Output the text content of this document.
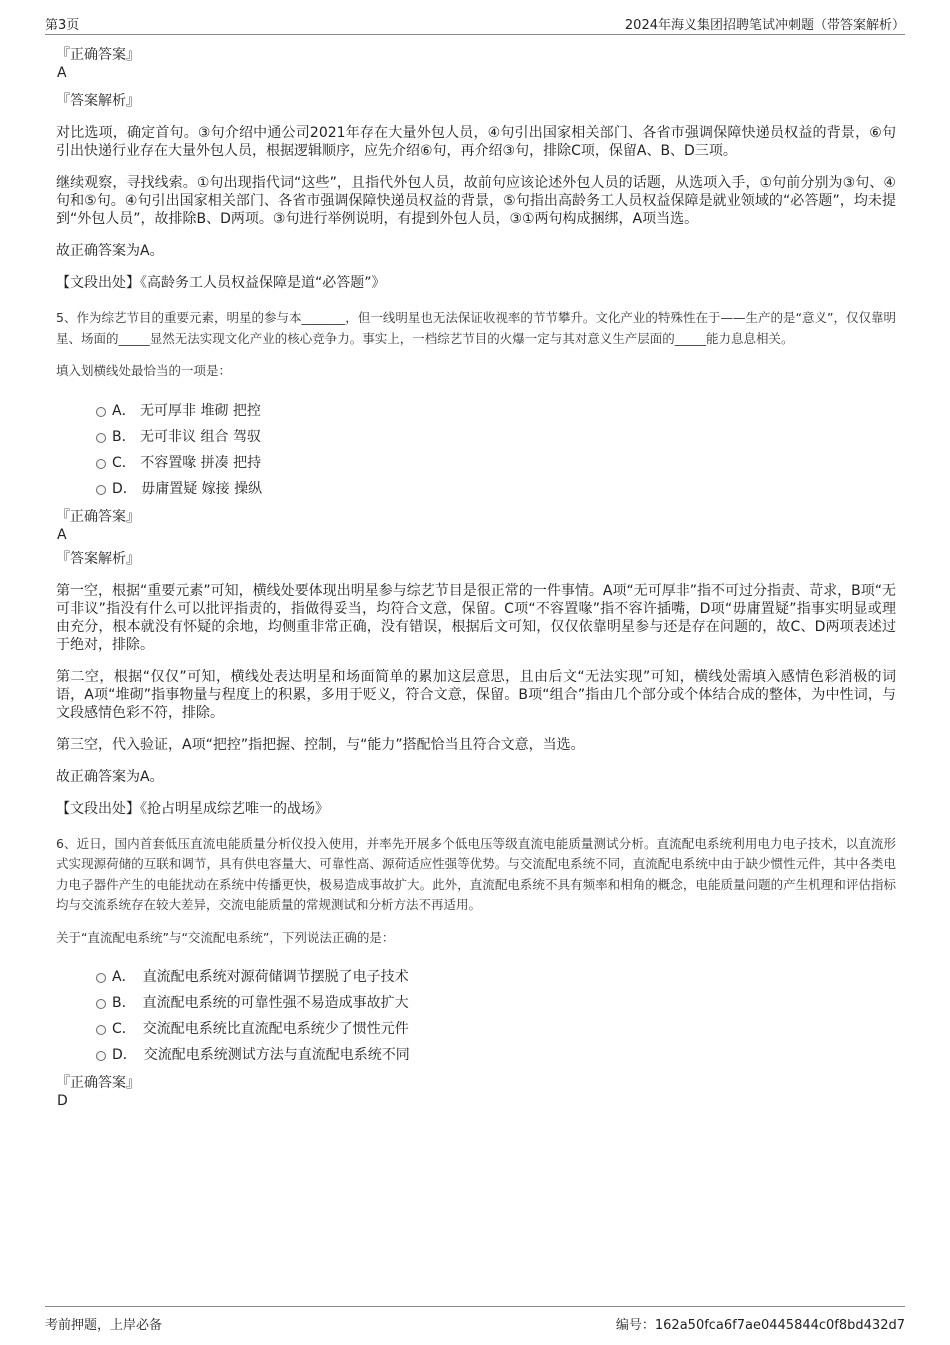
第3页	2024年海义集团招聘笔试冲刺题（带答案解析）
『正确答案』
A
『答案解析』

对比选项，确定首句。③句介绍中通公司2021年存在大量外包人员，④句引出国家相关部门、各省市强调保障快递员权益的背景，⑥句引出快递行业存在大量外包人员，根据逻辑顺序，应先介绍⑥句，再介绍③句，排除C项，保留A、B、D三项。

继续观察，寻找线索。①句出现指代词“这些”，且指代外包人员，故前句应该论述外包人员的话题，从选项入手，①句前分别为③句、④句和⑤句。④句引出国家相关部门、各省市强调保障快递员权益的背景，⑤句指出高龄务工人员权益保障是就业领域的“必答题”，均未提到“外包人员”，故排除B、D两项。③句进行举例说明，有提到外包人员，③①两句构成捆绑，A项当选。

故正确答案为A。

【文段出处】《高龄务工人员权益保障是道“必答题”》

5、作为综艺节目的重要元素，明星的参与本_______，但一线明星也无法保证收视率的节节攀升。文化产业的特殊性在于——生产的是“意义”，仅仅靠明星、场面的_____显然无法实现文化产业的核心竞争力。事实上，一档综艺节目的火爆一定与其对意义生产层面的_____能力息息相关。

填入划横线处最恰当的一项是：

A． 无可厚非 堆砌 把控
B． 无可非议 组合 驾驭
C． 不容置喙 拼凑 把持
D． 毋庸置疑 嫁接 操纵
『正确答案』
A
『答案解析』

第一空，根据“重要元素”可知，横线处要体现出明星参与综艺节目是很正常的一件事情。A项“无可厚非”指不可过分指责、苛求，B项“无可非议”指没有什么可以批评指责的，指做得妥当，均符合文意，保留。C项“不容置喙”指不容许插嘴，D项“毋庸置疑”指事实明显或理由充分，根本就没有怀疑的余地，均侧重非常正确，没有错误，根据后文可知，仅仅依靠明星参与还是存在问题的，故C、D两项表述过于绝对，排除。

第二空，根据“仅仅”可知，横线处表达明星和场面简单的累加这层意思，且由后文“无法实现”可知，横线处需填入感情色彩消极的词语，A项“堆砌”指事物量与程度上的积累，多用于贬义，符合文意，保留。B项“组合”指由几个部分或个体结合成的整体，为中性词，与文段感情色彩不符，排除。

第三空，代入验证，A项“把控”指把握、控制，与“能力”搭配恰当且符合文意，当选。

故正确答案为A。

【文段出处】《抢占明星成综艺唯一的战场》

6、近日，国内首套低压直流电能质量分析仪投入使用，并率先开展多个低电压等级直流电能质量测试分析。直流配电系统利用电力电子技术，以直流形式实现源荷储的互联和调节，具有供电容量大、可靠性高、源荷适应性强等优势。与交流配电系统不同，直流配电系统中由于缺少惯性元件，其中各类电力电子器件产生的电能扰动在系统中传播更快，极易造成事故扩大。此外，直流配电系统不具有频率和相角的概念，电能质量问题的产生机理和评估指标均与交流系统存在较大差异，交流电能质量的常规测试和分析方法不再适用。

关于“直流配电系统”与“交流配电系统”，下列说法正确的是：

A．　直流配电系统对源荷储调节摆脱了电子技术
B．　直流配电系统的可靠性强不易造成事故扩大
C．　交流配电系统比直流配电系统少了惯性元件
D．　交流配电系统测试方法与直流配电系统不同
『正确答案』
D
考前押题，上岸必备	编号：162a50fca6f7ae0445844c0f8bd432d7
